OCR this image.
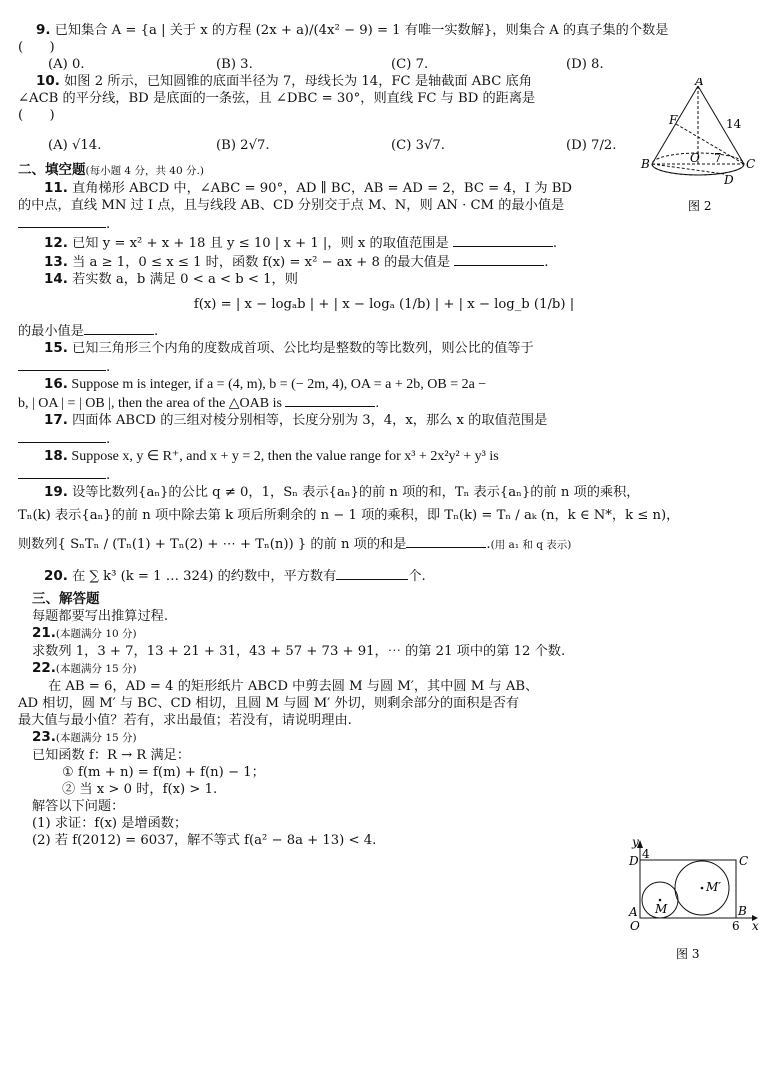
9. 已知集合 A = {a | 关于 x 的方程 (2x + a)/(4x² − 9) = 1 有唯一实数解}，则集合 A 的真子集的个数是
(　　)
(A) 0.	(B) 3.	(C) 7.	(D) 8.
10. 如图 2 所示，已知圆锥的底面半径为 7，母线长为 14，FC 是轴截面 ABC 底角
∠ACB 的平分线，BD 是底面的一条弦，且 ∠DBC = 30°，则直线 FC 与 BD 的距离是
(　　)
(A) √14.	(B) 2√7.	(C) 3√7.	(D) 7/2.
二、填空题(每小题 4 分，共 40 分.)
11. 直角梯形 ABCD 中，∠ABC = 90°，AD ∥ BC，AB = AD = 2，BC = 4，I 为 BD
的中点，直线 MN 过 I 点，且与线段 AB、CD 分别交于点 M、N，则 AN · CM 的最小值是
.
12. 已知 y = x² + x + 18 且 y ≤ 10 | x + 1 |，则 x 的取值范围是	.
13. 当 a ≥ 1，0 ≤ x ≤ 1 时，函数 f(x) = x² − ax + 8 的最大值是	.
14. 若实数 a，b 满足 0 < a < b < 1，则
f(x) = | x − logₐb | + | x − logₐ (1/b) | + | x − log_b (1/b) |
的最小值是	.
15. 已知三角形三个内角的度数成首项、公比均是整数的等比数列，则公比的值等于
.
16. Suppose m is integer, if a = (4, m), b = (− 2m, 4), OA = a + 2b, OB = 2a −
b, | OA | = | OB |, then the area of the △OAB is	.
17. 四面体 ABCD 的三组对棱分别相等，长度分别为 3，4，x，那么 x 的取值范围是
.
18. Suppose x, y ∈ R⁺, and x + y = 2, then the value range for x³ + 2x²y² + y³ is
.
19. 设等比数列{aₙ}的公比 q ≠ 0，1，Sₙ 表示{aₙ}的前 n 项的和，Tₙ 表示{aₙ}的前 n 项的乘积，
Tₙ(k) 表示{aₙ}的前 n 项中除去第 k 项后所剩余的 n − 1 项的乘积，即 Tₙ(k) = Tₙ / aₖ (n，k ∈ N*，k ≤ n)，
则数列{ SₙTₙ / (Tₙ(1) + Tₙ(2) + ⋯ + Tₙ(n)) } 的前 n 项的和是	.(用 a₁ 和 q 表示)
20. 在 ∑ k³ (k = 1 … 324) 的约数中，平方数有	个.
三、解答题
每题都要写出推算过程.
21.(本题满分 10 分)
求数列 1，3 + 7，13 + 21 + 31，43 + 57 + 73 + 91，⋯ 的第 21 项中的第 12 个数.
22.(本题满分 15 分)
在 AB = 6，AD = 4 的矩形纸片 ABCD 中剪去圆 M 与圆 M′，其中圆 M 与 AB、
AD 相切，圆 M′ 与 BC、CD 相切，且圆 M 与圆 M′ 外切，则剩余部分的面积是否有
最大值与最小值？若有，求出最值；若没有，请说明理由.
23.(本题满分 15 分)
已知函数 f：R → R 满足：
① f(m + n) = f(m) + f(n) − 1；
② 当 x > 0 时，f(x) > 1.
解答以下问题：
(1) 求证：f(x) 是增函数；
(2) 若 f(2012) = 6037，解不等式 f(a² − 8a + 13) < 4.
A
F	14
B	O 7 C
D
图 2
y
D 4	C
M′
A M	B
O	6 x
图 3
